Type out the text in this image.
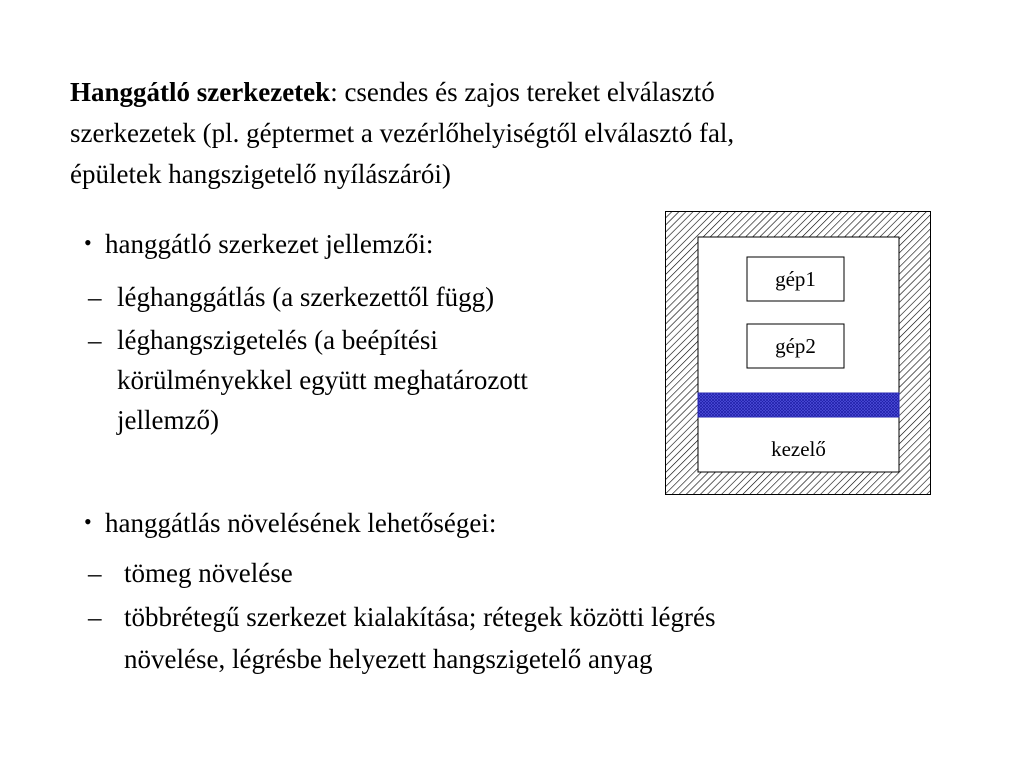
Hanggátló szerkezetek: csendes és zajos tereket elválasztó
szerkezetek (pl. géptermet a vezérlőhelyiségtől elválasztó fal,
épületek hangszigetelő nyílászárói)
• hanggátló szerkezet jellemzői:
– léghanggátlás (a szerkezettől függ)
– léghangszigetelés (a beépítési
körülményekkel együtt meghatározott
jellemző)
• hanggátlás növelésének lehetőségei:
– tömeg növelése
– többrétegű szerkezet kialakítása; rétegek közötti légrés
növelése, légrésbe helyezett hangszigetelő anyag
gép1
gép2
kezelő
